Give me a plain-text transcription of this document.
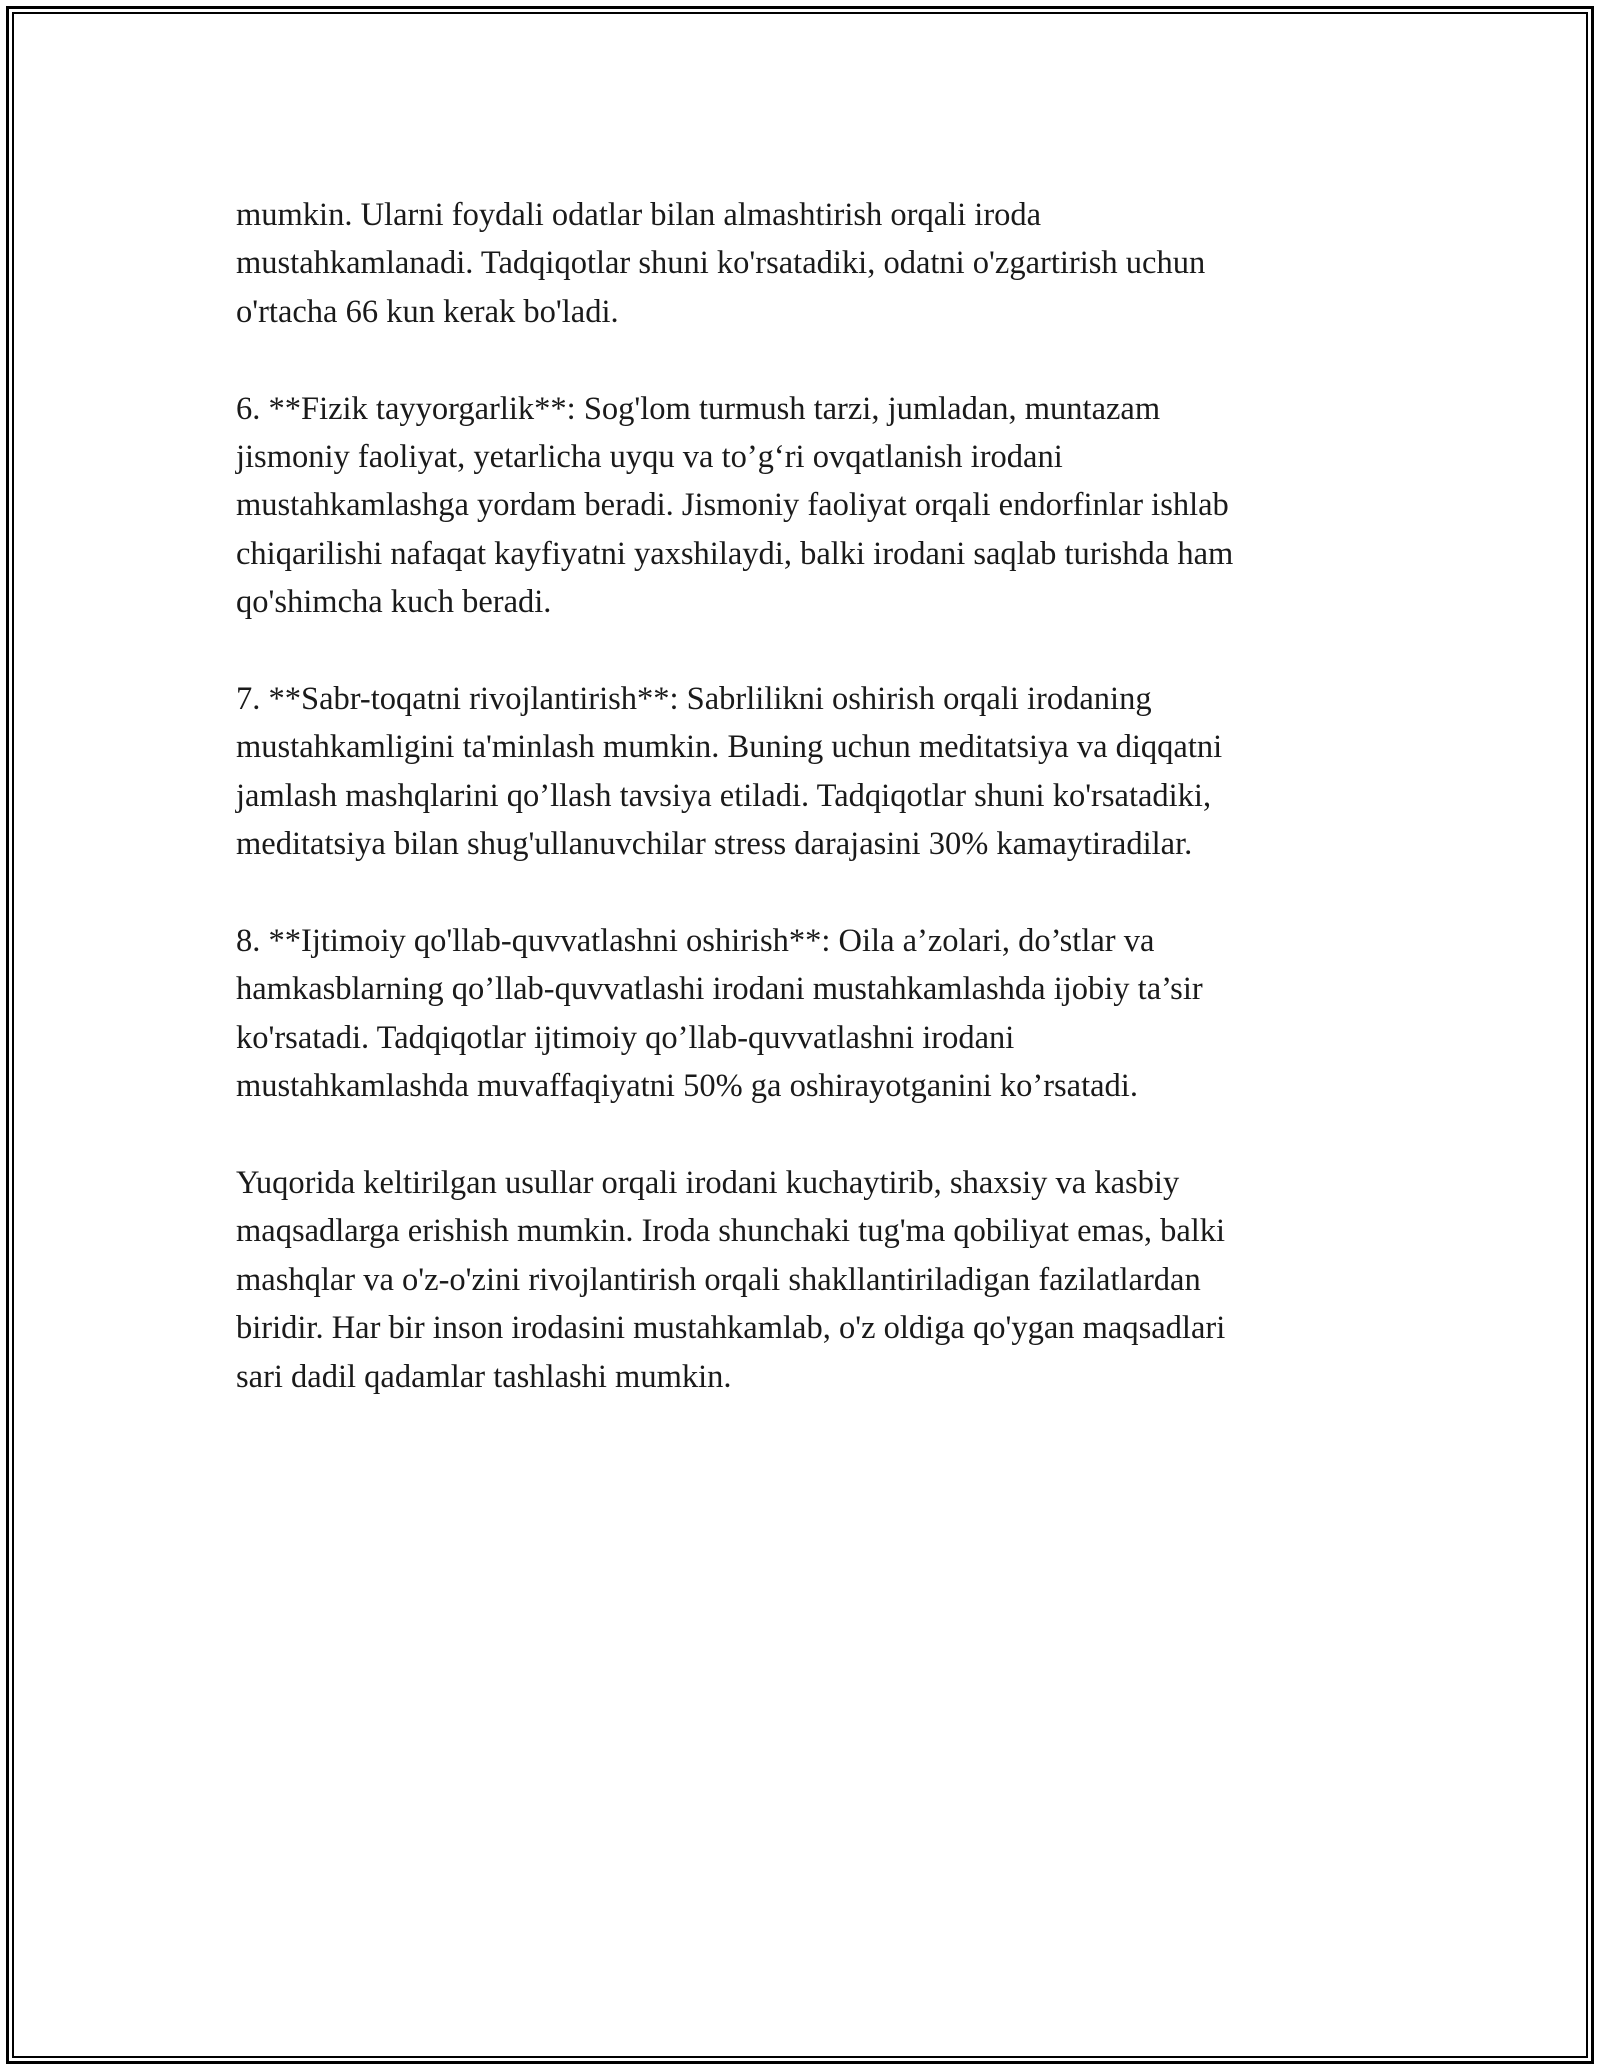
mumkin. Ularni foydali odatlar bilan almashtirish orqali iroda
mustahkamlanadi. Tadqiqotlar shuni ko'rsatadiki, odatni o'zgartirish uchun
o'rtacha 66 kun kerak bo'ladi.

6. **Fizik tayyorgarlik**: Sog'lom turmush tarzi, jumladan, muntazam
jismoniy faoliyat, yetarlicha uyqu va to’g‘ri ovqatlanish irodani
mustahkamlashga yordam beradi. Jismoniy faoliyat orqali endorfinlar ishlab
chiqarilishi nafaqat kayfiyatni yaxshilaydi, balki irodani saqlab turishda ham
qo'shimcha kuch beradi.

7. **Sabr-toqatni rivojlantirish**: Sabrlilikni oshirish orqali irodaning
mustahkamligini ta'minlash mumkin. Buning uchun meditatsiya va diqqatni
jamlash mashqlarini qo’llash tavsiya etiladi. Tadqiqotlar shuni ko'rsatadiki,
meditatsiya bilan shug'ullanuvchilar stress darajasini 30% kamaytiradilar.

8. **Ijtimoiy qo'llab-quvvatlashni oshirish**: Oila a’zolari, do’stlar va
hamkasblarning qo’llab-quvvatlashi irodani mustahkamlashda ijobiy ta’sir
ko'rsatadi. Tadqiqotlar ijtimoiy qo’llab-quvvatlashni irodani
mustahkamlashda muvaffaqiyatni 50% ga oshirayotganini ko’rsatadi.

Yuqorida keltirilgan usullar orqali irodani kuchaytirib, shaxsiy va kasbiy
maqsadlarga erishish mumkin. Iroda shunchaki tug'ma qobiliyat emas, balki
mashqlar va o'z-o'zini rivojlantirish orqali shakllantiriladigan fazilatlardan
biridir. Har bir inson irodasini mustahkamlab, o'z oldiga qo'ygan maqsadlari
sari dadil qadamlar tashlashi mumkin.
